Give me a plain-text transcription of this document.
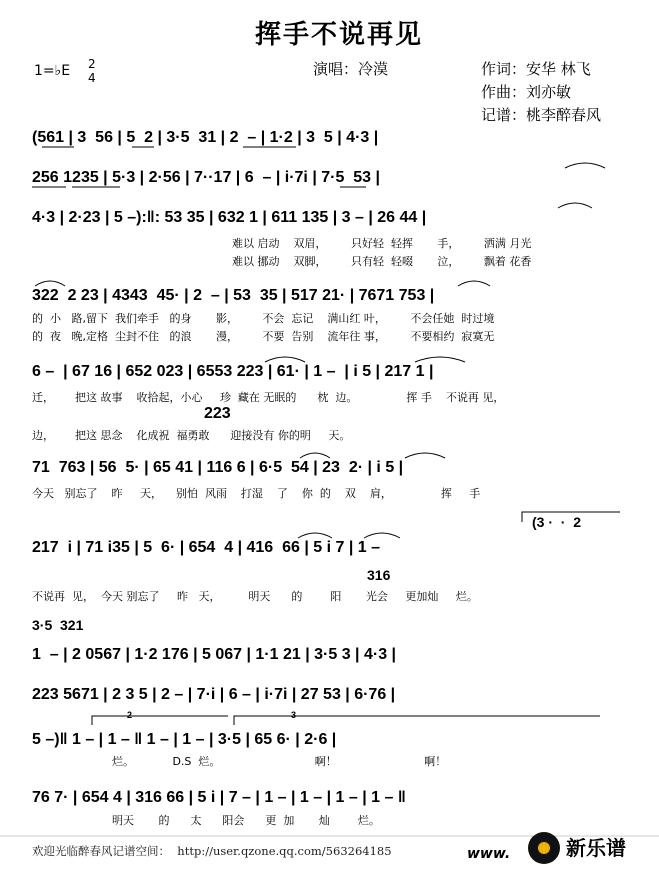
挥手不说再见
1=♭E 2
4	演唱：冷漠	作词：安华 林飞
作曲：刘亦敏
记谱：桃李醉春风
(561 | 3  56 | 5  2 | 3·5  31 | 2  – | 1·2 | 3  5 | 4·3 |
256 1235 | 5·3 | 2·56 | 7··17 | 6  – | i·7i | 7·5  53 |
4·3 | 2·23 | 5 –):‖: 53 35 | 632 1 | 611 135 | 3 – | 26 44 |
322  2 23 | 4343  45· | 2  – | 53  35 | 517 21· | 7671 753 |
6 –  | 67 16 | 652 023 | 6553 223 | 61· | 1 –  | i 5 | 217 1 |
71  763 | 56  5· | 65 41 | 116 6 | 6·5  54 | 23  2· | i 5 |
217  i | 71 i35 | 5  6· | 654  4 | 416  66 | 5 i 7 | 1 –
1  – | 2 0567 | 1·2 176 | 5 067 | 1·1 21 | 3·5 3 | 4·3 |
223 5671 | 2 3 5 | 2 – | 7·i | 6 – | i·7i | 27 53 | 6·76 |
5 –)‖ 1 – | 1 – ‖ 1 – | 1 – | 3·5 | 65 6· | 2·6 |
76 7· | 654 4 | 316 66 | 5 i | 7 – | 1 – | 1 – | 1 – | 1 – ‖
223
(3 ·  ·  2
316
3·5  321
2	3
难以 启动    双眉，       只好轻  轻挥       手，       洒满 月光
难以 挪动    双脚，       只有轻  轻啜       泣，       飘着 花香
的  小   路,留下  我们牵手   的身       影，       不会  忘记    满山红 叶，       不会任她  时过境
的  夜   晚,定格  尘封不住   的浪       漫，       不要  告别    流年往 事，       不要相约  寂寞无
迁，      把这 故事    收拾起，小心     珍  藏在 无眠的      枕  边。              挥 手    不说再 见，
边，      把这 思念    化成祝  福勇敢      迎接没有 你的明     天。
今天   别忘了    昨     天，    别怕  风雨    打湿    了    你  的    双    肩，              挥     手
不说再  见，  今天 别忘了     昨   天，        明天      的        阳       光会     更加灿     烂。
烂。           D.S  烂。                           啊！                         啊！
明天       的      太      阳会      更  加       灿        烂。
欢迎光临醉春风记谱空间：  http://user.qzone.qq.com/563264185	www.	新乐谱
